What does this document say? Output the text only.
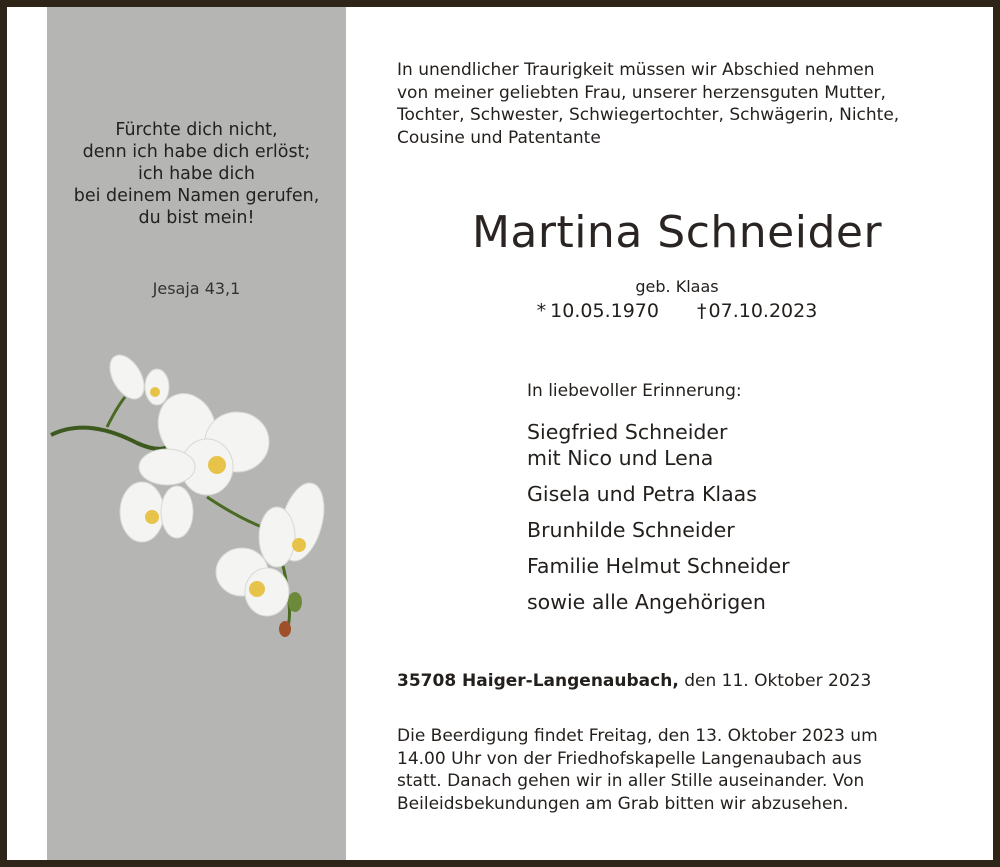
Fürchte dich nicht,
denn ich habe dich erlöst;
ich habe dich
bei deinem Namen gerufen,
du bist mein!
Jesaja 43,1
In unendlicher Traurigkeit müssen wir Abschied nehmen
von meiner geliebten Frau, unserer herzensguten Mutter,
Tochter, Schwester, Schwiegertochter, Schwägerin, Nichte,
Cousine und Patentante
Martina Schneider
geb. Klaas
* 10.05.1970 † 07.10.2023
In liebevoller Erinnerung:
Siegfried Schneider
mit Nico und Lena
Gisela und Petra Klaas
Brunhilde Schneider
Familie Helmut Schneider
sowie alle Angehörigen
35708 Haiger-Langenaubach, den 11. Oktober 2023
Die Beerdigung findet Freitag, den 13. Oktober 2023 um
14.00 Uhr von der Friedhofskapelle Langenaubach aus
statt. Danach gehen wir in aller Stille auseinander. Von
Beileidsbekundungen am Grab bitten wir abzusehen.
